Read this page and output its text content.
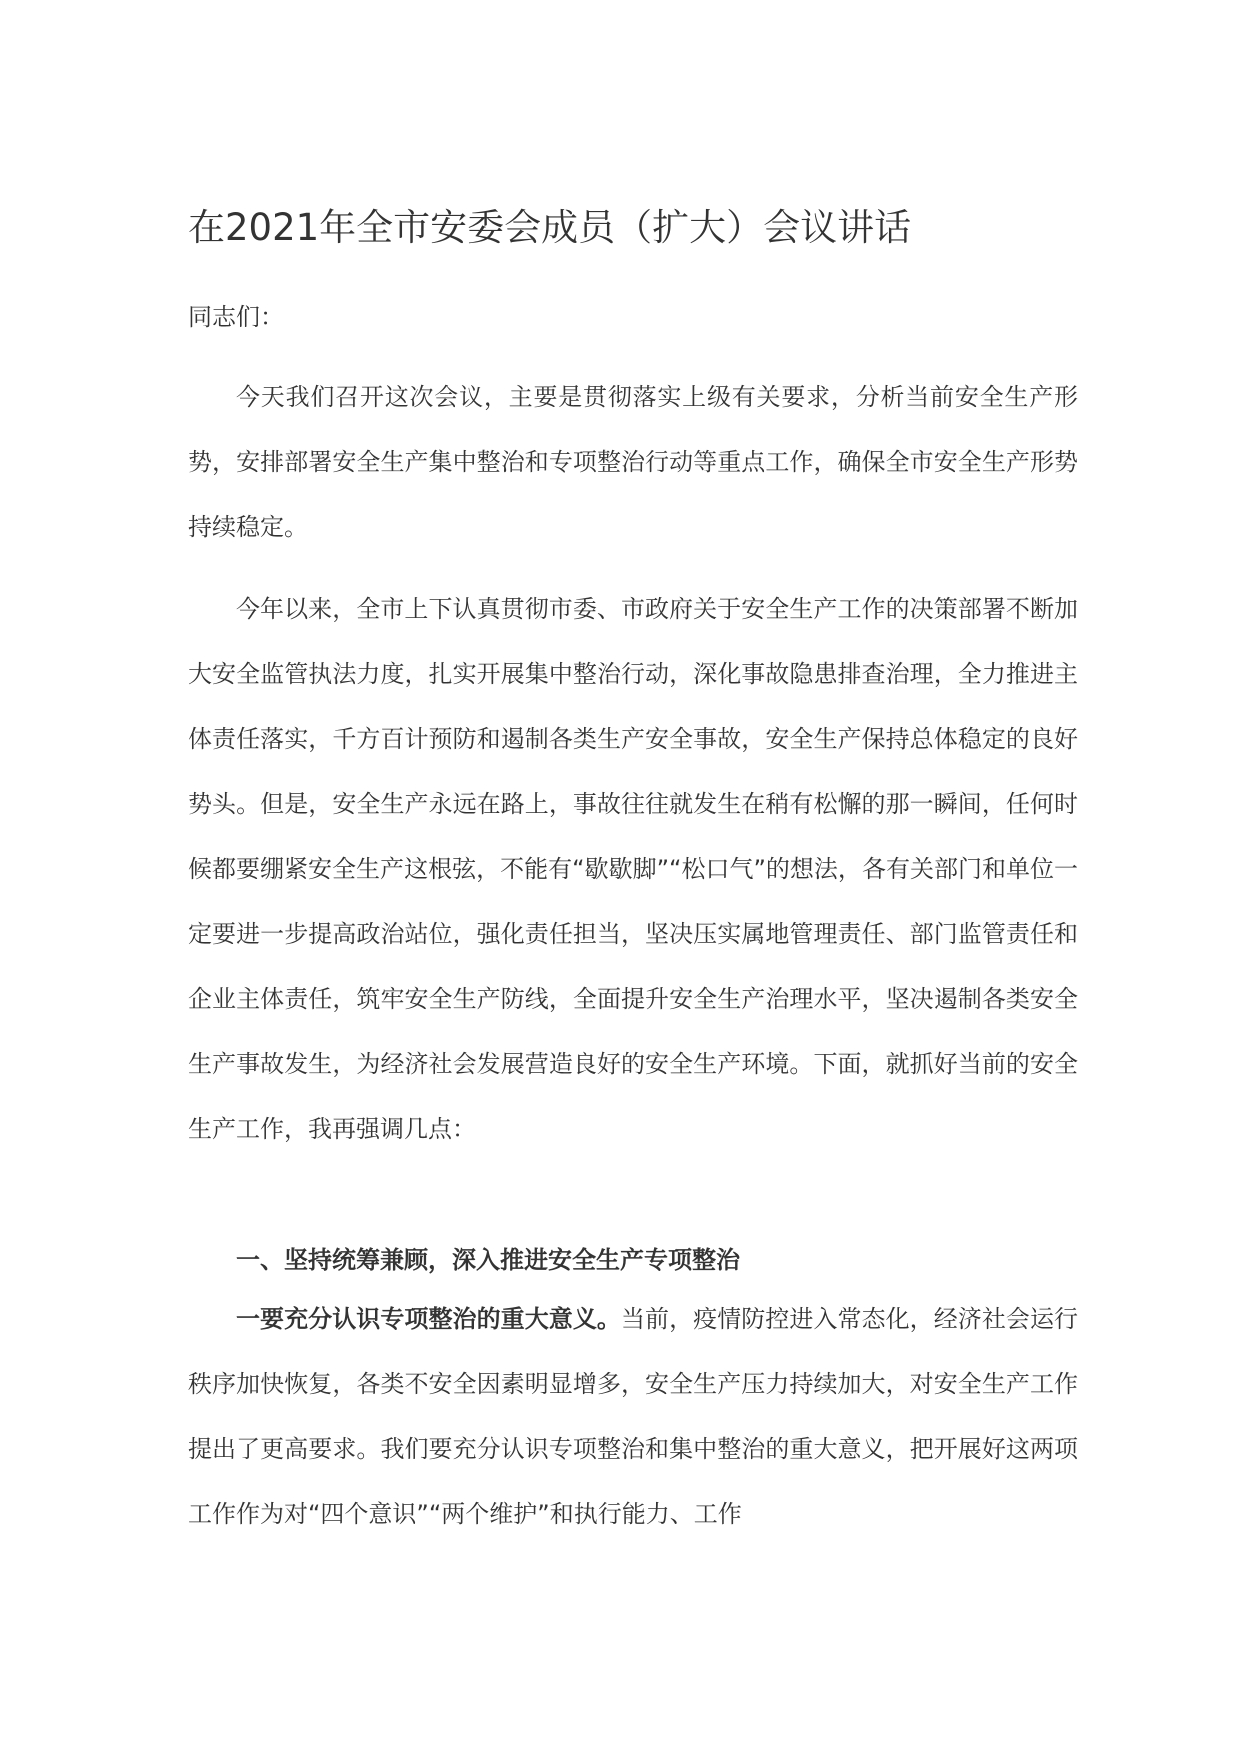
在2021年全市安委会成员（扩大）会议讲话
同志们：

今天我们召开这次会议，主要是贯彻落实上级有关要求，分析当前安全生产形势，安排部署安全生产集中整治和专项整治行动等重点工作，确保全市安全生产形势持续稳定。

今年以来，全市上下认真贯彻市委、市政府关于安全生产工作的决策部署不断加大安全监管执法力度，扎实开展集中整治行动，深化事故隐患排查治理，全力推进主体责任落实，千方百计预防和遏制各类生产安全事故，安全生产保持总体稳定的良好势头。但是，安全生产永远在路上，事故往往就发生在稍有松懈的那一瞬间，任何时候都要绷紧安全生产这根弦，不能有“歇歇脚”“松口气”的想法，各有关部门和单位一定要进一步提高政治站位，强化责任担当，坚决压实属地管理责任、部门监管责任和企业主体责任，筑牢安全生产防线，全面提升安全生产治理水平，坚决遏制各类安全生产事故发生，为经济社会发展营造良好的安全生产环境。下面，就抓好当前的安全生产工作，我再强调几点：

一、坚持统筹兼顾，深入推进安全生产专项整治

一要充分认识专项整治的重大意义。当前，疫情防控进入常态化，经济社会运行秩序加快恢复，各类不安全因素明显增多，安全生产压力持续加大，对安全生产工作提出了更高要求。我们要充分认识专项整治和集中整治的重大意义，把开展好这两项工作作为对“四个意识”“两个维护”和执行能力、工作
